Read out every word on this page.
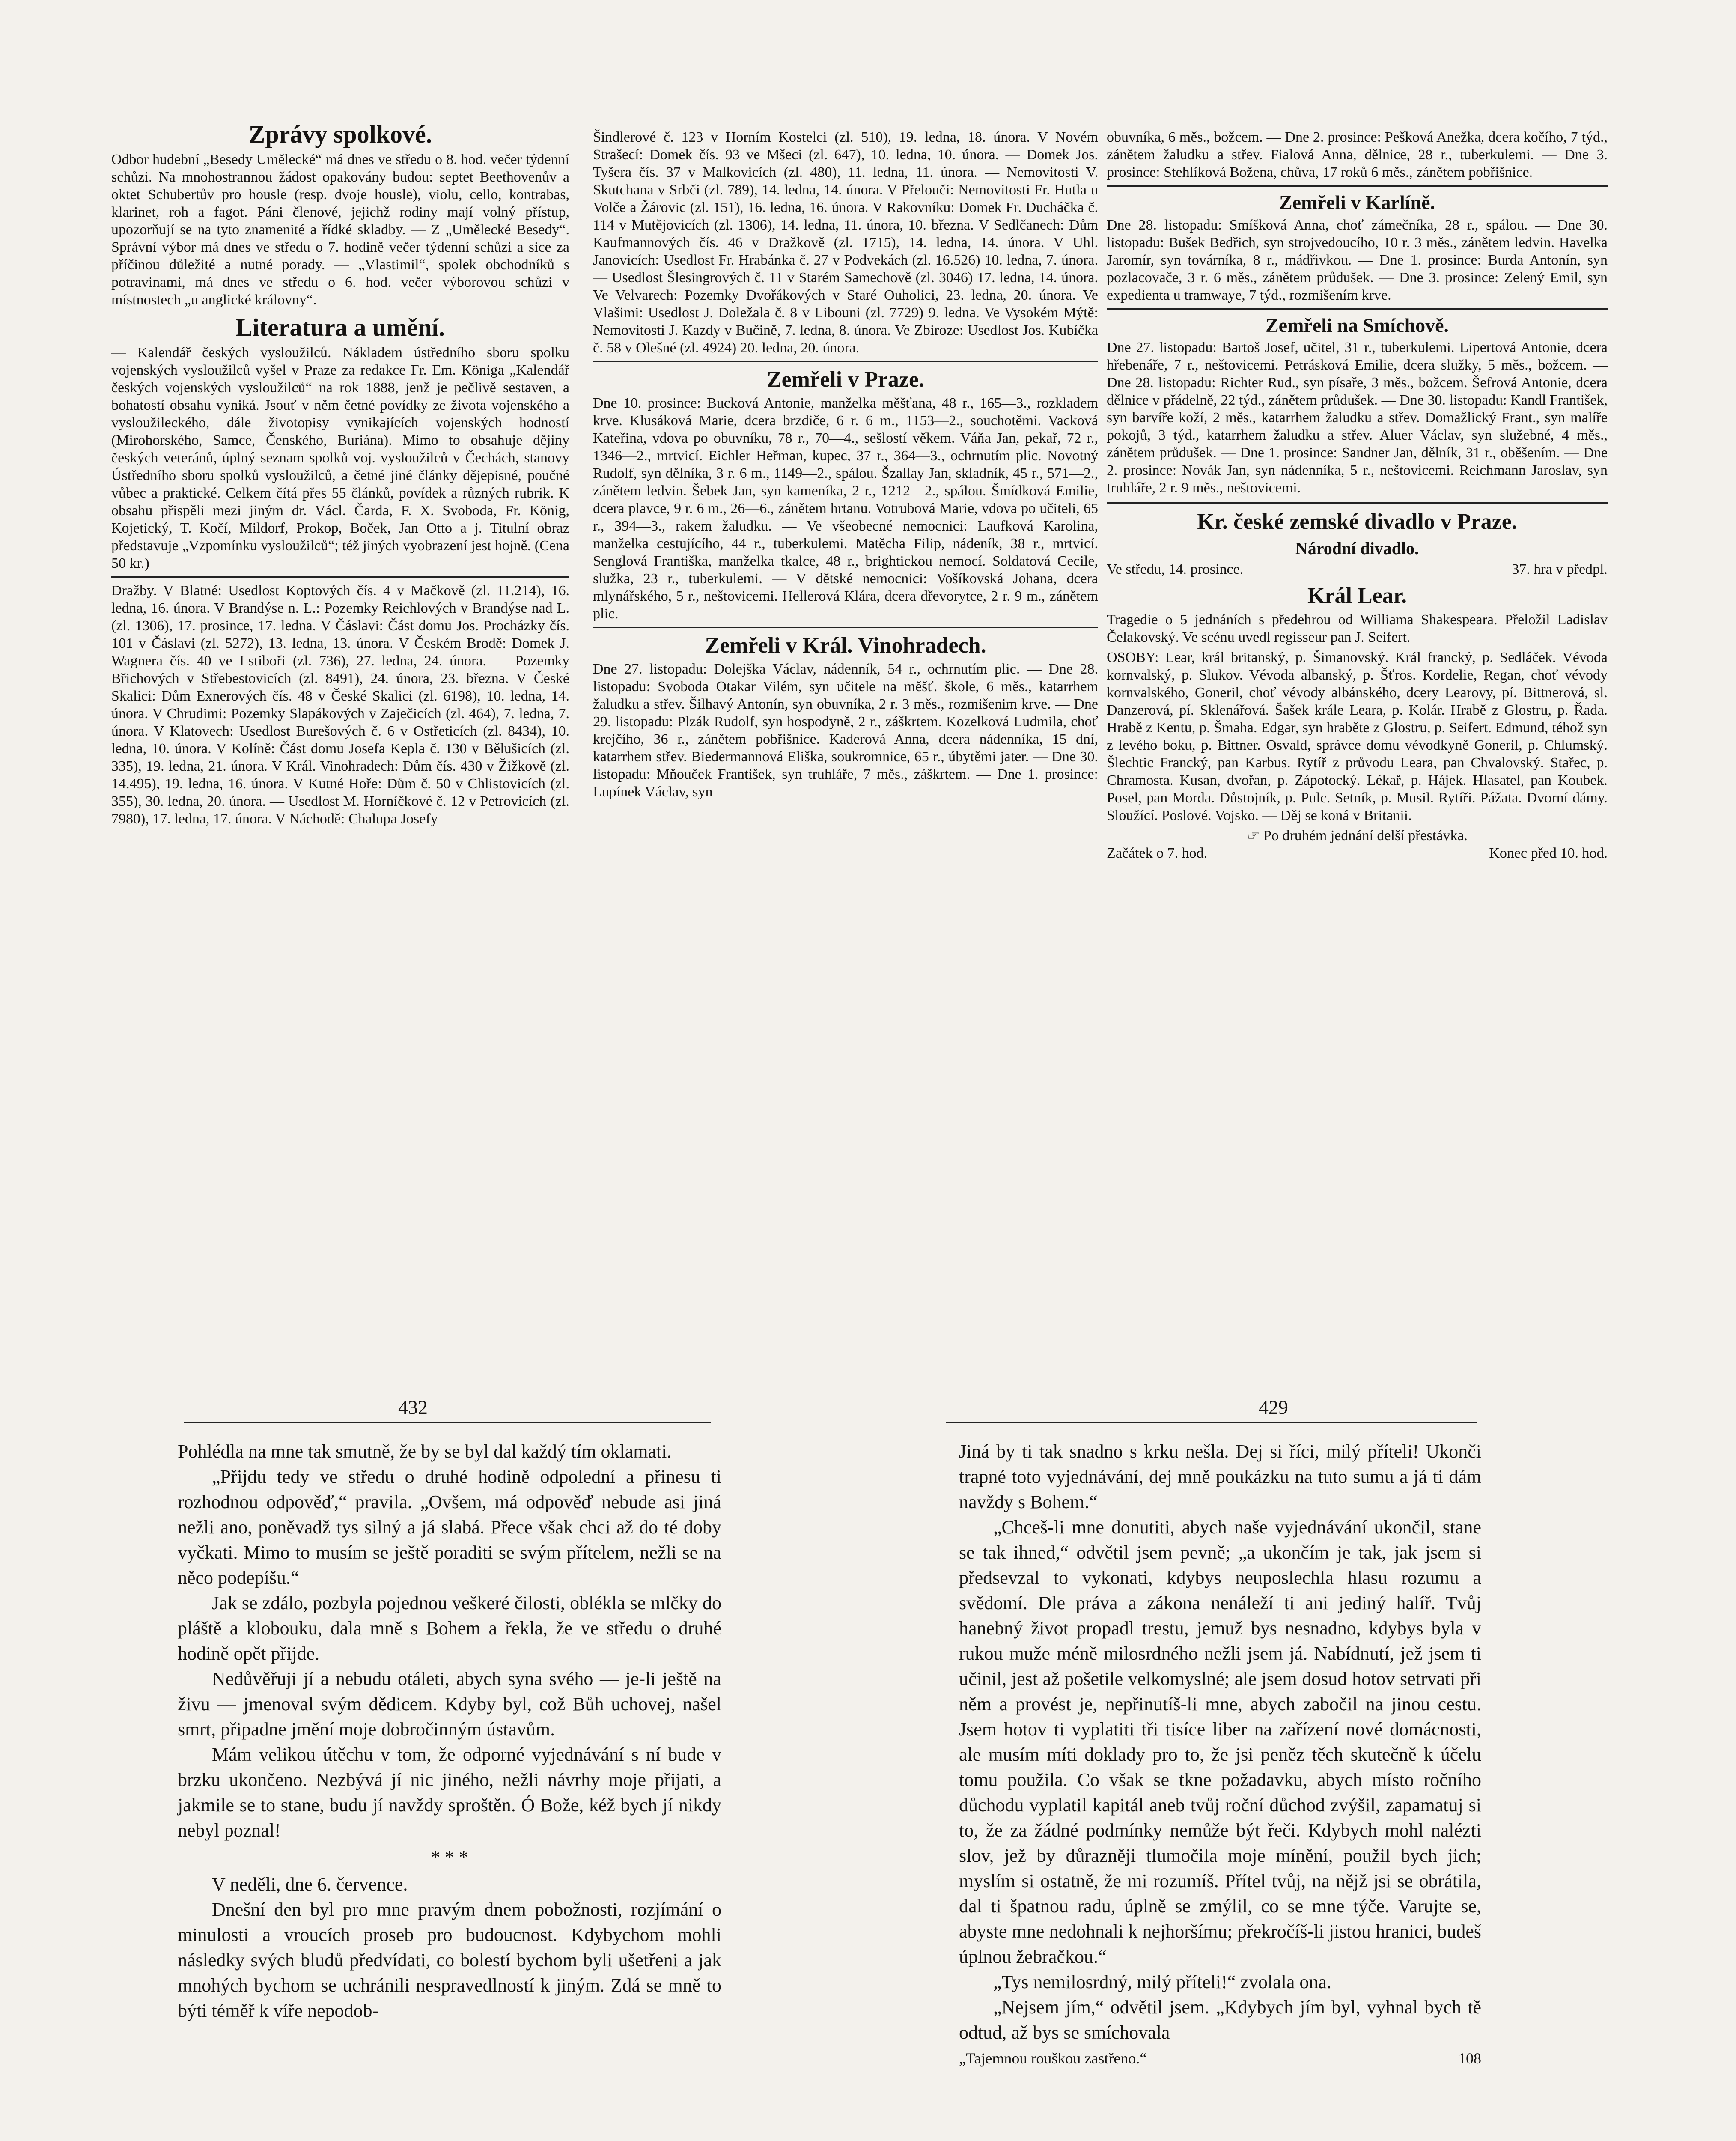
Zprávy spolkové.

Odbor hudební „Besedy Umělecké“ má dnes ve středu o 8. hod. večer týdenní schůzi. Na mnohostrannou žádost opakovány budou: septet Beethovenův a oktet Schubertův pro housle (resp. dvoje housle), violu, cello, kontrabas, klarinet, roh a fagot. Páni členové, jejichž rodiny mají volný přístup, upozorňují se na tyto znamenité a řídké skladby. — Z „Umělecké Besedy“. Správní výbor má dnes ve středu o 7. hodině večer týdenní schůzi a sice za příčinou důležité a nutné porady. — „Vlastimil“, spolek obchodníků s potravinami, má dnes ve středu o 6. hod. večer výborovou schůzi v místnostech „u anglické královny“.

Literatura a umění.

— Kalendář českých vysloužilců. Nákladem ústředního sboru spolku vojenských vysloužilců vyšel v Praze za redakce Fr. Em. Königa „Kalendář českých vojenských vysloužilců“ na rok 1888, jenž je pečlivě sestaven, a bohatostí obsahu vyniká. Jsouť v něm četné povídky ze života vojenského a vysloužileckého, dále životopisy vynikajících vojenských hodností (Mirohorského, Samce, Čenského, Buriána). Mimo to obsahuje dějiny českých veteránů, úplný seznam spolků voj. vysloužilců v Čechách, stanovy Ústředního sboru spolků vysloužilců, a četné jiné články dějepisné, poučné vůbec a praktické. Celkem čítá přes 55 článků, povídek a různých rubrik. K obsahu přispěli mezi jiným dr. Václ. Čarda, F. X. Svoboda, Fr. König, Kojetický, T. Kočí, Mildorf, Prokop, Boček, Jan Otto a j. Titulní obraz představuje „Vzpomínku vysloužilců“; též jiných vyobrazení jest hojně. (Cena 50 kr.)

Dražby. V Blatné: Usedlost Koptových čís. 4 v Mačkově (zl. 11.214), 16. ledna, 16. února. V Brandýse n. L.: Pozemky Reichlových v Brandýse nad L. (zl. 1306), 17. prosince, 17. ledna. V Čáslavi: Část domu Jos. Procházky čís. 101 v Čáslavi (zl. 5272), 13. ledna, 13. února. V Českém Brodě: Domek J. Wagnera čís. 40 ve Lstiboři (zl. 736), 27. ledna, 24. února. — Pozemky Břichových v Střebestovicích (zl. 8491), 24. února, 23. března. V České Skalici: Dům Exnerových čís. 48 v České Skalici (zl. 6198), 10. ledna, 14. února. V Chrudimi: Pozemky Slapákových v Zaječicích (zl. 464), 7. ledna, 7. února. V Klatovech: Usedlost Burešových č. 6 v Ostřeticích (zl. 8434), 10. ledna, 10. února. V Kolíně: Část domu Josefa Kepla č. 130 v Bělušicích (zl. 335), 19. ledna, 21. února. V Král. Vinohradech: Dům čís. 430 v Žižkově (zl. 14.495), 19. ledna, 16. února. V Kutné Hoře: Dům č. 50 v Chlistovicích (zl. 355), 30. ledna, 20. února. — Usedlost M. Horníčkové č. 12 v Petrovicích (zl. 7980), 17. ledna, 17. února. V Náchodě: Chalupa Josefy

Šindlerové č. 123 v Horním Kostelci (zl. 510), 19. ledna, 18. února. V Novém Strašecí: Domek čís. 93 ve Mšeci (zl. 647), 10. ledna, 10. února. — Domek Jos. Tyšera čís. 37 v Malkovicích (zl. 480), 11. ledna, 11. února. — Nemovitosti V. Skutchana v Srbči (zl. 789), 14. ledna, 14. února. V Přelouči: Nemovitosti Fr. Hutla u Volče a Žárovic (zl. 151), 16. ledna, 16. února. V Rakovníku: Domek Fr. Ducháčka č. 114 v Mutějovicích (zl. 1306), 14. ledna, 11. února, 10. března. V Sedlčanech: Dům Kaufmannových čís. 46 v Dražkově (zl. 1715), 14. ledna, 14. února. V Uhl. Janovicích: Usedlost Fr. Hrabánka č. 27 v Podvekách (zl. 16.526) 10. ledna, 7. února. — Usedlost Šlesingrových č. 11 v Starém Samechově (zl. 3046) 17. ledna, 14. února. Ve Velvarech: Pozemky Dvořákových v Staré Ouholici, 23. ledna, 20. února. Ve Vlašimi: Usedlost J. Doležala č. 8 v Libouni (zl. 7729) 9. ledna. Ve Vysokém Mýtě: Nemovitosti J. Kazdy v Bučině, 7. ledna, 8. února. Ve Zbiroze: Usedlost Jos. Kubíčka č. 58 v Olešné (zl. 4924) 20. ledna, 20. února.

Zemřeli v Praze.

Dne 10. prosince: Bucková Antonie, manželka měšťana, 48 r., 165—3., rozkladem krve. Klusáková Marie, dcera brzdiče, 6 r. 6 m., 1153—2., souchotěmi. Vacková Kateřina, vdova po obuvníku, 78 r., 70—4., sešlostí věkem. Váňa Jan, pekař, 72 r., 1346—2., mrtvicí. Eichler Heřman, kupec, 37 r., 364—3., ochrnutím plic. Novotný Rudolf, syn dělníka, 3 r. 6 m., 1149—2., spálou. Šzallay Jan, skladník, 45 r., 571—2., zánětem ledvin. Šebek Jan, syn kameníka, 2 r., 1212—2., spálou. Šmídková Emilie, dcera plavce, 9 r. 6 m., 26—6., zánětem hrtanu. Votrubová Marie, vdova po učiteli, 65 r., 394—3., rakem žaludku. — Ve všeobecné nemocnici: Laufková Karolina, manželka cestujícího, 44 r., tuberkulemi. Matěcha Filip, nádeník, 38 r., mrtvicí. Senglová Františka, manželka tkalce, 48 r., brightickou nemocí. Soldatová Cecile, služka, 23 r., tuberkulemi. — V dětské nemocnici: Vošíkovská Johana, dcera mlynářského, 5 r., neštovicemi. Hellerová Klára, dcera dřevorytce, 2 r. 9 m., zánětem plic.

Zemřeli v Král. Vinohradech.

Dne 27. listopadu: Dolejška Václav, nádenník, 54 r., ochrnutím plic. — Dne 28. listopadu: Svoboda Otakar Vilém, syn učitele na měšť. škole, 6 měs., katarrhem žaludku a střev. Šilhavý Antonín, syn obuvníka, 2 r. 3 měs., rozmišenim krve. — Dne 29. listopadu: Plzák Rudolf, syn hospodyně, 2 r., záškrtem. Kozelková Ludmila, choť krejčího, 36 r., zánětem pobřišnice. Kaderová Anna, dcera nádenníka, 15 dní, katarrhem střev. Biedermannová Eliška, soukromnice, 65 r., úbytěmi jater. — Dne 30. listopadu: Mňouček František, syn truhláře, 7 měs., záškrtem. — Dne 1. prosince: Lupínek Václav, syn

obuvníka, 6 měs., božcem. — Dne 2. prosince: Pešková Anežka, dcera kočího, 7 týd., zánětem žaludku a střev. Fialová Anna, dělnice, 28 r., tuberkulemi. — Dne 3. prosince: Stehlíková Božena, chůva, 17 roků 6 měs., zánětem pobřišnice.

Zemřeli v Karlíně.

Dne 28. listopadu: Smíšková Anna, choť zámečníka, 28 r., spálou. — Dne 30. listopadu: Bušek Bedřich, syn strojvedoucího, 10 r. 3 měs., zánětem ledvin. Havelka Jaromír, syn továrníka, 8 r., mádřivkou. — Dne 1. prosince: Burda Antonín, syn pozlacovače, 3 r. 6 měs., zánětem průdušek. — Dne 3. prosince: Zelený Emil, syn expedienta u tramwaye, 7 týd., rozmišením krve.

Zemřeli na Smíchově.

Dne 27. listopadu: Bartoš Josef, učitel, 31 r., tuberkulemi. Lipertová Antonie, dcera hřebenáře, 7 r., neštovicemi. Petrásková Emilie, dcera služky, 5 měs., božcem. — Dne 28. listopadu: Richter Rud., syn písaře, 3 měs., božcem. Šefrová Antonie, dcera dělnice v přádelně, 22 týd., zánětem průdušek. — Dne 30. listopadu: Kandl František, syn barvíře koží, 2 měs., katarrhem žaludku a střev. Domažlický Frant., syn malíře pokojů, 3 týd., katarrhem žaludku a střev. Aluer Václav, syn služebné, 4 měs., zánětem průdušek. — Dne 1. prosince: Sandner Jan, dělník, 31 r., oběšením. — Dne 2. prosince: Novák Jan, syn nádenníka, 5 r., neštovicemi. Reichmann Jaroslav, syn truhláře, 2 r. 9 měs., neštovicemi.

Kr. české zemské divadlo v Praze.
Národní divadlo.
Ve středu, 14. prosince.	37. hra v předpl.
Král Lear.

Tragedie o 5 jednáních s předehrou od Williama Shakespeara. Přeložil Ladislav Čelakovský. Ve scénu uvedl regisseur pan J. Seifert.

OSOBY: Lear, král britanský, p. Šimanovský. Král francký, p. Sedláček. Vévoda kornvalský, p. Slukov. Vévoda albanský, p. Šťros. Kordelie, Regan, choť vévody kornvalského, Goneril, choť vévody albánského, dcery Learovy, pí. Bittnerová, sl. Danzerová, pí. Sklenářová. Šašek krále Leara, p. Kolár. Hrabě z Glostru, p. Řada. Hrabě z Kentu, p. Šmaha. Edgar, syn hraběte z Glostru, p. Seifert. Edmund, téhož syn z levého boku, p. Bittner. Osvald, správce domu vévodkyně Goneril, p. Chlumský. Šlechtic Francký, pan Karbus. Rytíř z průvodu Leara, pan Chvalovský. Stařec, p. Chramosta. Kusan, dvořan, p. Zápotocký. Lékař, p. Hájek. Hlasatel, pan Koubek. Posel, pan Morda. Důstojník, p. Pulc. Setník, p. Musil. Rytíři. Pážata. Dvorní dámy. Sloužící. Poslové. Vojsko. — Děj se koná v Britanii.

☞ Po druhém jednání delší přestávka.
Začátek o 7. hod.	Konec před 10. hod.
432	429

Pohlédla na mne tak smutně, že by se byl dal každý tím oklamati.

„Přijdu tedy ve středu o druhé hodině odpolední a přinesu ti rozhodnou odpověď,“ pravila. „Ovšem, má odpověď nebude asi jiná nežli ano, poněvadž tys silný a já slabá. Přece však chci až do té doby vyčkati. Mimo to musím se ještě poraditi se svým přítelem, nežli se na něco podepíšu.“

Jak se zdálo, pozbyla pojednou veškeré čilosti, oblékla se mlčky do pláště a klobouku, dala mně s Bohem a řekla, že ve středu o druhé hodině opět přijde.

Nedůvěřuji jí a nebudu otáleti, abych syna svého — je-li ještě na živu — jmenoval svým dědicem. Kdyby byl, což Bůh uchovej, našel smrt, připadne jmění moje dobročinným ústavům.

Mám velikou útěchu v tom, že odporné vyjednávání s ní bude v brzku ukončeno. Nezbývá jí nic jiného, nežli návrhy moje přijati, a jakmile se to stane, budu jí navždy sproštěn. Ó Bože, kéž bych jí nikdy nebyl poznal!

* * *

V neděli, dne 6. července.

Dnešní den byl pro mne pravým dnem pobožnosti, rozjímání o minulosti a vroucích proseb pro budoucnost. Kdybychom mohli následky svých bludů předvídati, co bolestí bychom byli ušetřeni a jak mnohých bychom se uchránili nespravedlností k jiným. Zdá se mně to býti téměř k víře nepodob-

Jiná by ti tak snadno s krku nešla. Dej si říci, milý příteli! Ukonči trapné toto vyjednávání, dej mně poukázku na tuto sumu a já ti dám navždy s Bohem.“

„Chceš-li mne donutiti, abych naše vyjednávání ukončil, stane se tak ihned,“ odvětil jsem pevně; „a ukončím je tak, jak jsem si předsevzal to vykonati, kdybys neuposlechla hlasu rozumu a svědomí. Dle práva a zákona nenáleží ti ani jediný halíř. Tvůj hanebný život propadl trestu, jemuž bys nesnadno, kdybys byla v rukou muže méně milosrdného nežli jsem já. Nabídnutí, jež jsem ti učinil, jest až pošetile velkomyslné; ale jsem dosud hotov setrvati při něm a provést je, nepřinutíš-li mne, abych zabočil na jinou cestu. Jsem hotov ti vyplatiti tři tisíce liber na zařízení nové domácnosti, ale musím míti doklady pro to, že jsi peněz těch skutečně k účelu tomu použila. Co však se tkne požadavku, abych místo ročního důchodu vyplatil kapitál aneb tvůj roční důchod zvýšil, zapamatuj si to, že za žádné podmínky nemůže být řeči. Kdybych mohl nalézti slov, jež by důrazněji tlumočila moje mínění, použil bych jich; myslím si ostatně, že mi rozumíš. Přítel tvůj, na nějž jsi se obrátila, dal ti špatnou radu, úplně se zmýlil, co se mne týče. Varujte se, abyste mne nedohnali k nejhoršímu; překročíš-li jistou hranici, budeš úplnou žebračkou.“

„Tys nemilosrdný, milý příteli!“ zvolala ona.

„Nejsem jím,“ odvětil jsem. „Kdybych jím byl, vyhnal bych tě odtud, až bys se smíchovala

„Tajemnou rouškou zastřeno.“	108
